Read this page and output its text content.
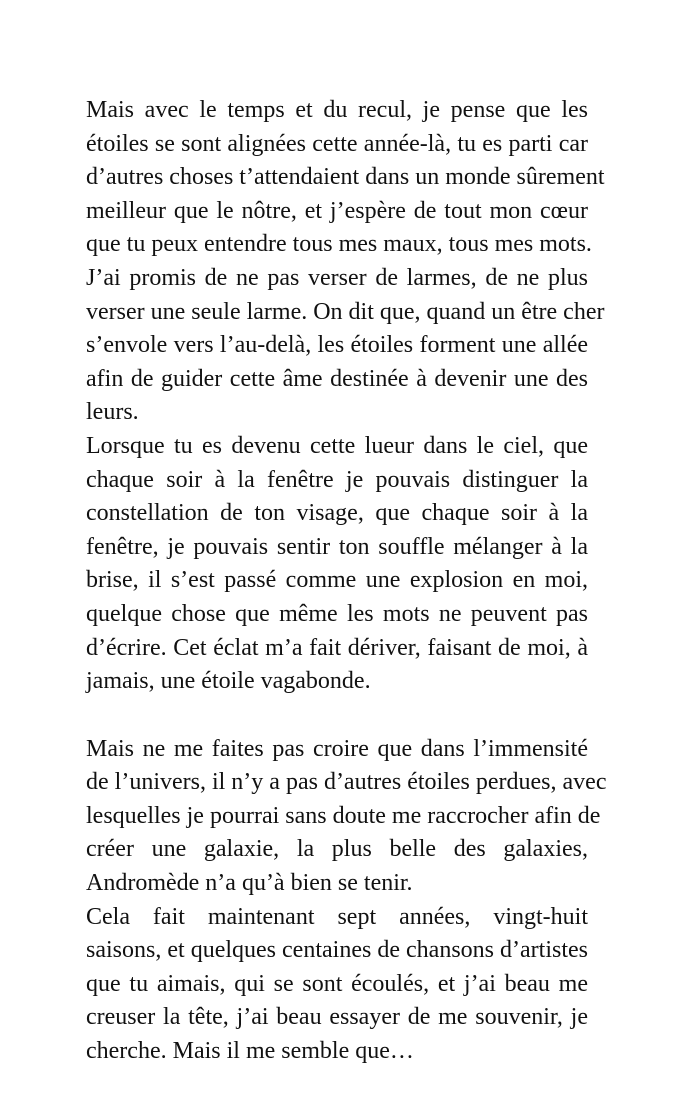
Mais avec le temps et du recul, je pense que les
étoiles se sont alignées cette année-là, tu es parti car
d’autres choses t’attendaient dans un monde sûrement
meilleur que le nôtre, et j’espère de tout mon cœur
que tu peux entendre tous mes maux, tous mes mots.

J’ai promis de ne pas verser de larmes, de ne plus
verser une seule larme. On dit que, quand un être cher
s’envole vers l’au-delà, les étoiles forment une allée
afin de guider cette âme destinée à devenir une des
leurs.

Lorsque tu es devenu cette lueur dans le ciel, que
chaque soir à la fenêtre je pouvais distinguer la
constellation de ton visage, que chaque soir à la
fenêtre, je pouvais sentir ton souffle mélanger à la
brise, il s’est passé comme une explosion en moi,
quelque chose que même les mots ne peuvent pas
d’écrire. Cet éclat m’a fait dériver, faisant de moi, à
jamais, une étoile vagabonde.

Mais ne me faites pas croire que dans l’immensité
de l’univers, il n’y a pas d’autres étoiles perdues, avec
lesquelles je pourrai sans doute me raccrocher afin de
créer une galaxie, la plus belle des galaxies,
Andromède n’a qu’à bien se tenir.

Cela fait maintenant sept années, vingt-huit
saisons, et quelques centaines de chansons d’artistes
que tu aimais, qui se sont écoulés, et j’ai beau me
creuser la tête, j’ai beau essayer de me souvenir, je
cherche. Mais il me semble que…
